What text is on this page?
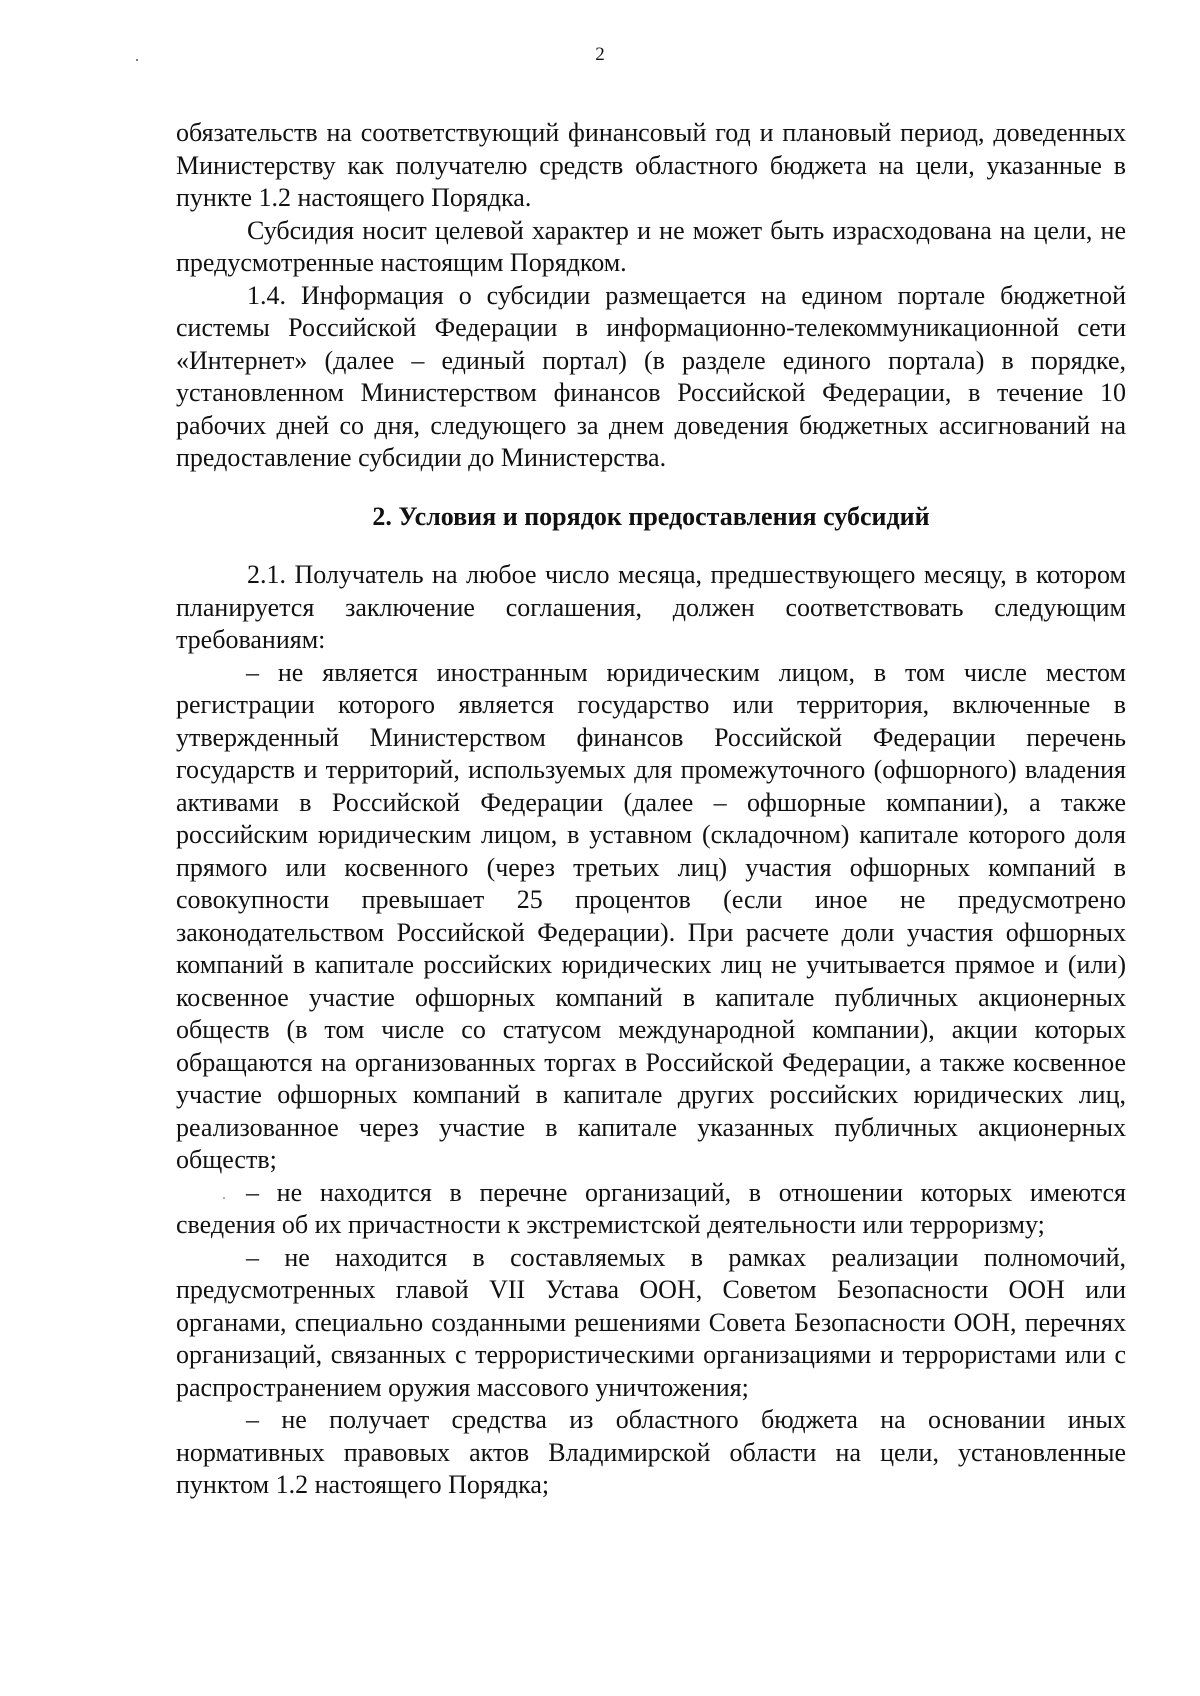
2

обязательств на соответствующий финансовый год и плановый период, доведенных Министерству как получателю средств областного бюджета на цели, указанные в пункте 1.2 настоящего Порядка.

Субсидия носит целевой характер и не может быть израсходована на цели, не предусмотренные настоящим Порядком.

1.4. Информация о субсидии размещается на едином портале бюджетной системы Российской Федерации в информационно-телекоммуникационной сети «Интернет» (далее – единый портал) (в разделе единого портала) в порядке, установленном Министерством финансов Российской Федерации, в течение 10 рабочих дней со дня, следующего за днем доведения бюджетных ассигнований на предоставление субсидии до Министерства.

2. Условия и порядок предоставления субсидий

2.1. Получатель на любое число месяца, предшествующего месяцу, в котором планируется заключение соглашения, должен соответствовать следующим требованиям:

– не является иностранным юридическим лицом, в том числе местом регистрации которого является государство или территория, включенные в утвержденный Министерством финансов Российской Федерации перечень государств и территорий, используемых для промежуточного (офшорного) владения активами в Российской Федерации (далее – офшорные компании), а также российским юридическим лицом, в уставном (складочном) капитале которого доля прямого или косвенного (через третьих лиц) участия офшорных компаний в совокупности превышает 25 процентов (если иное не предусмотрено законодательством Российской Федерации). При расчете доли участия офшорных компаний в капитале российских юридических лиц не учитывается прямое и (или) косвенное участие офшорных компаний в капитале публичных акционерных обществ (в том числе со статусом международной компании), акции которых обращаются на организованных торгах в Российской Федерации, а также косвенное участие офшорных компаний в капитале других российских юридических лиц, реализованное через участие в капитале указанных публичных акционерных обществ;

– не находится в перечне организаций, в отношении которых имеются сведения об их причастности к экстремистской деятельности или терроризму;

– не находится в составляемых в рамках реализации полномочий, предусмотренных главой VII Устава ООН, Советом Безопасности ООН или органами, специально созданными решениями Совета Безопасности ООН, перечнях организаций, связанных с террористическими организациями и террористами или с распространением оружия массового уничтожения;

– не получает средства из областного бюджета на основании иных нормативных правовых актов Владимирской области на цели, установленные пунктом 1.2 настоящего Порядка;
